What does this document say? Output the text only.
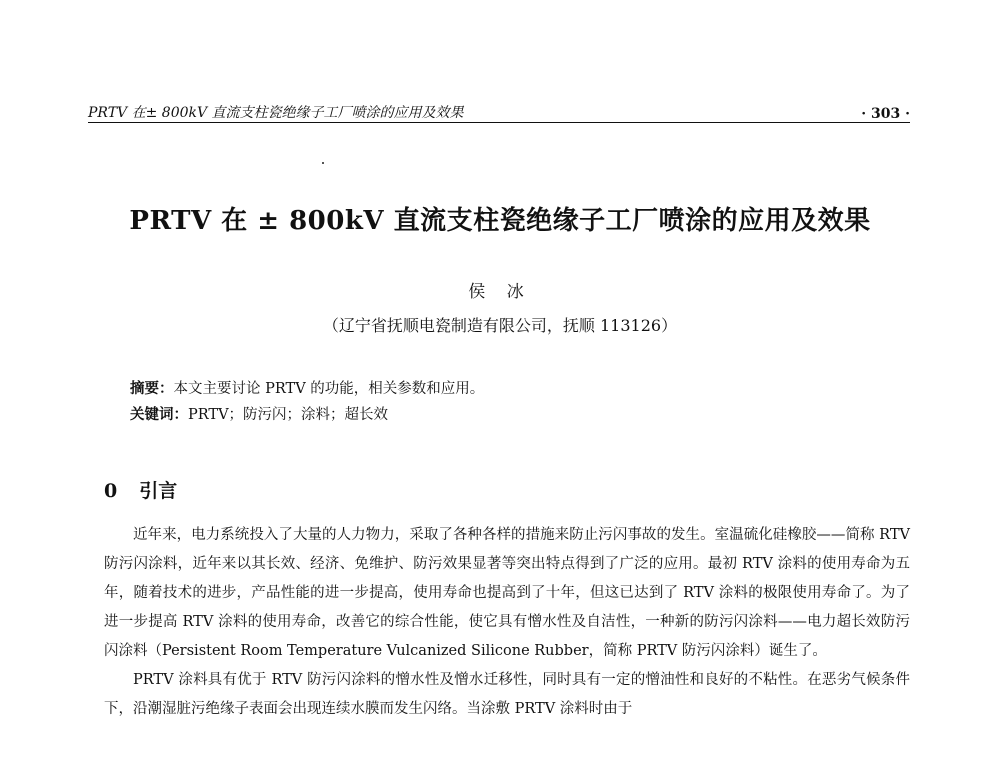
PRTV 在± 800kV 直流支柱瓷绝缘子工厂喷涂的应用及效果	· 303 ·
PRTV 在 ± 800kV 直流支柱瓷绝缘子工厂喷涂的应用及效果
侯 冰
（辽宁省抚顺电瓷制造有限公司，抚顺 113126）
摘要：本文主要讨论 PRTV 的功能，相关参数和应用。
关键词：PRTV；防污闪；涂料；超长效
0 引言

近年来，电力系统投入了大量的人力物力，采取了各种各样的措施来防止污闪事故的发生。室温硫化硅橡胶——简称 RTV 防污闪涂料，近年来以其长效、经济、免维护、防污效果显著等突出特点得到了广泛的应用。最初 RTV 涂料的使用寿命为五年，随着技术的进步，产品性能的进一步提高，使用寿命也提高到了十年，但这已达到了 RTV 涂料的极限使用寿命了。为了进一步提高 RTV 涂料的使用寿命，改善它的综合性能，使它具有憎水性及自洁性，一种新的防污闪涂料——电力超长效防污闪涂料（Persistent Room Temperature Vulcanized Silicone Rubber，简称 PRTV 防污闪涂料）诞生了。

PRTV 涂料具有优于 RTV 防污闪涂料的憎水性及憎水迁移性，同时具有一定的憎油性和良好的不粘性。在恶劣气候条件下，沿潮湿脏污绝缘子表面会出现连续水膜而发生闪络。当涂敷 PRTV 涂料时由于
